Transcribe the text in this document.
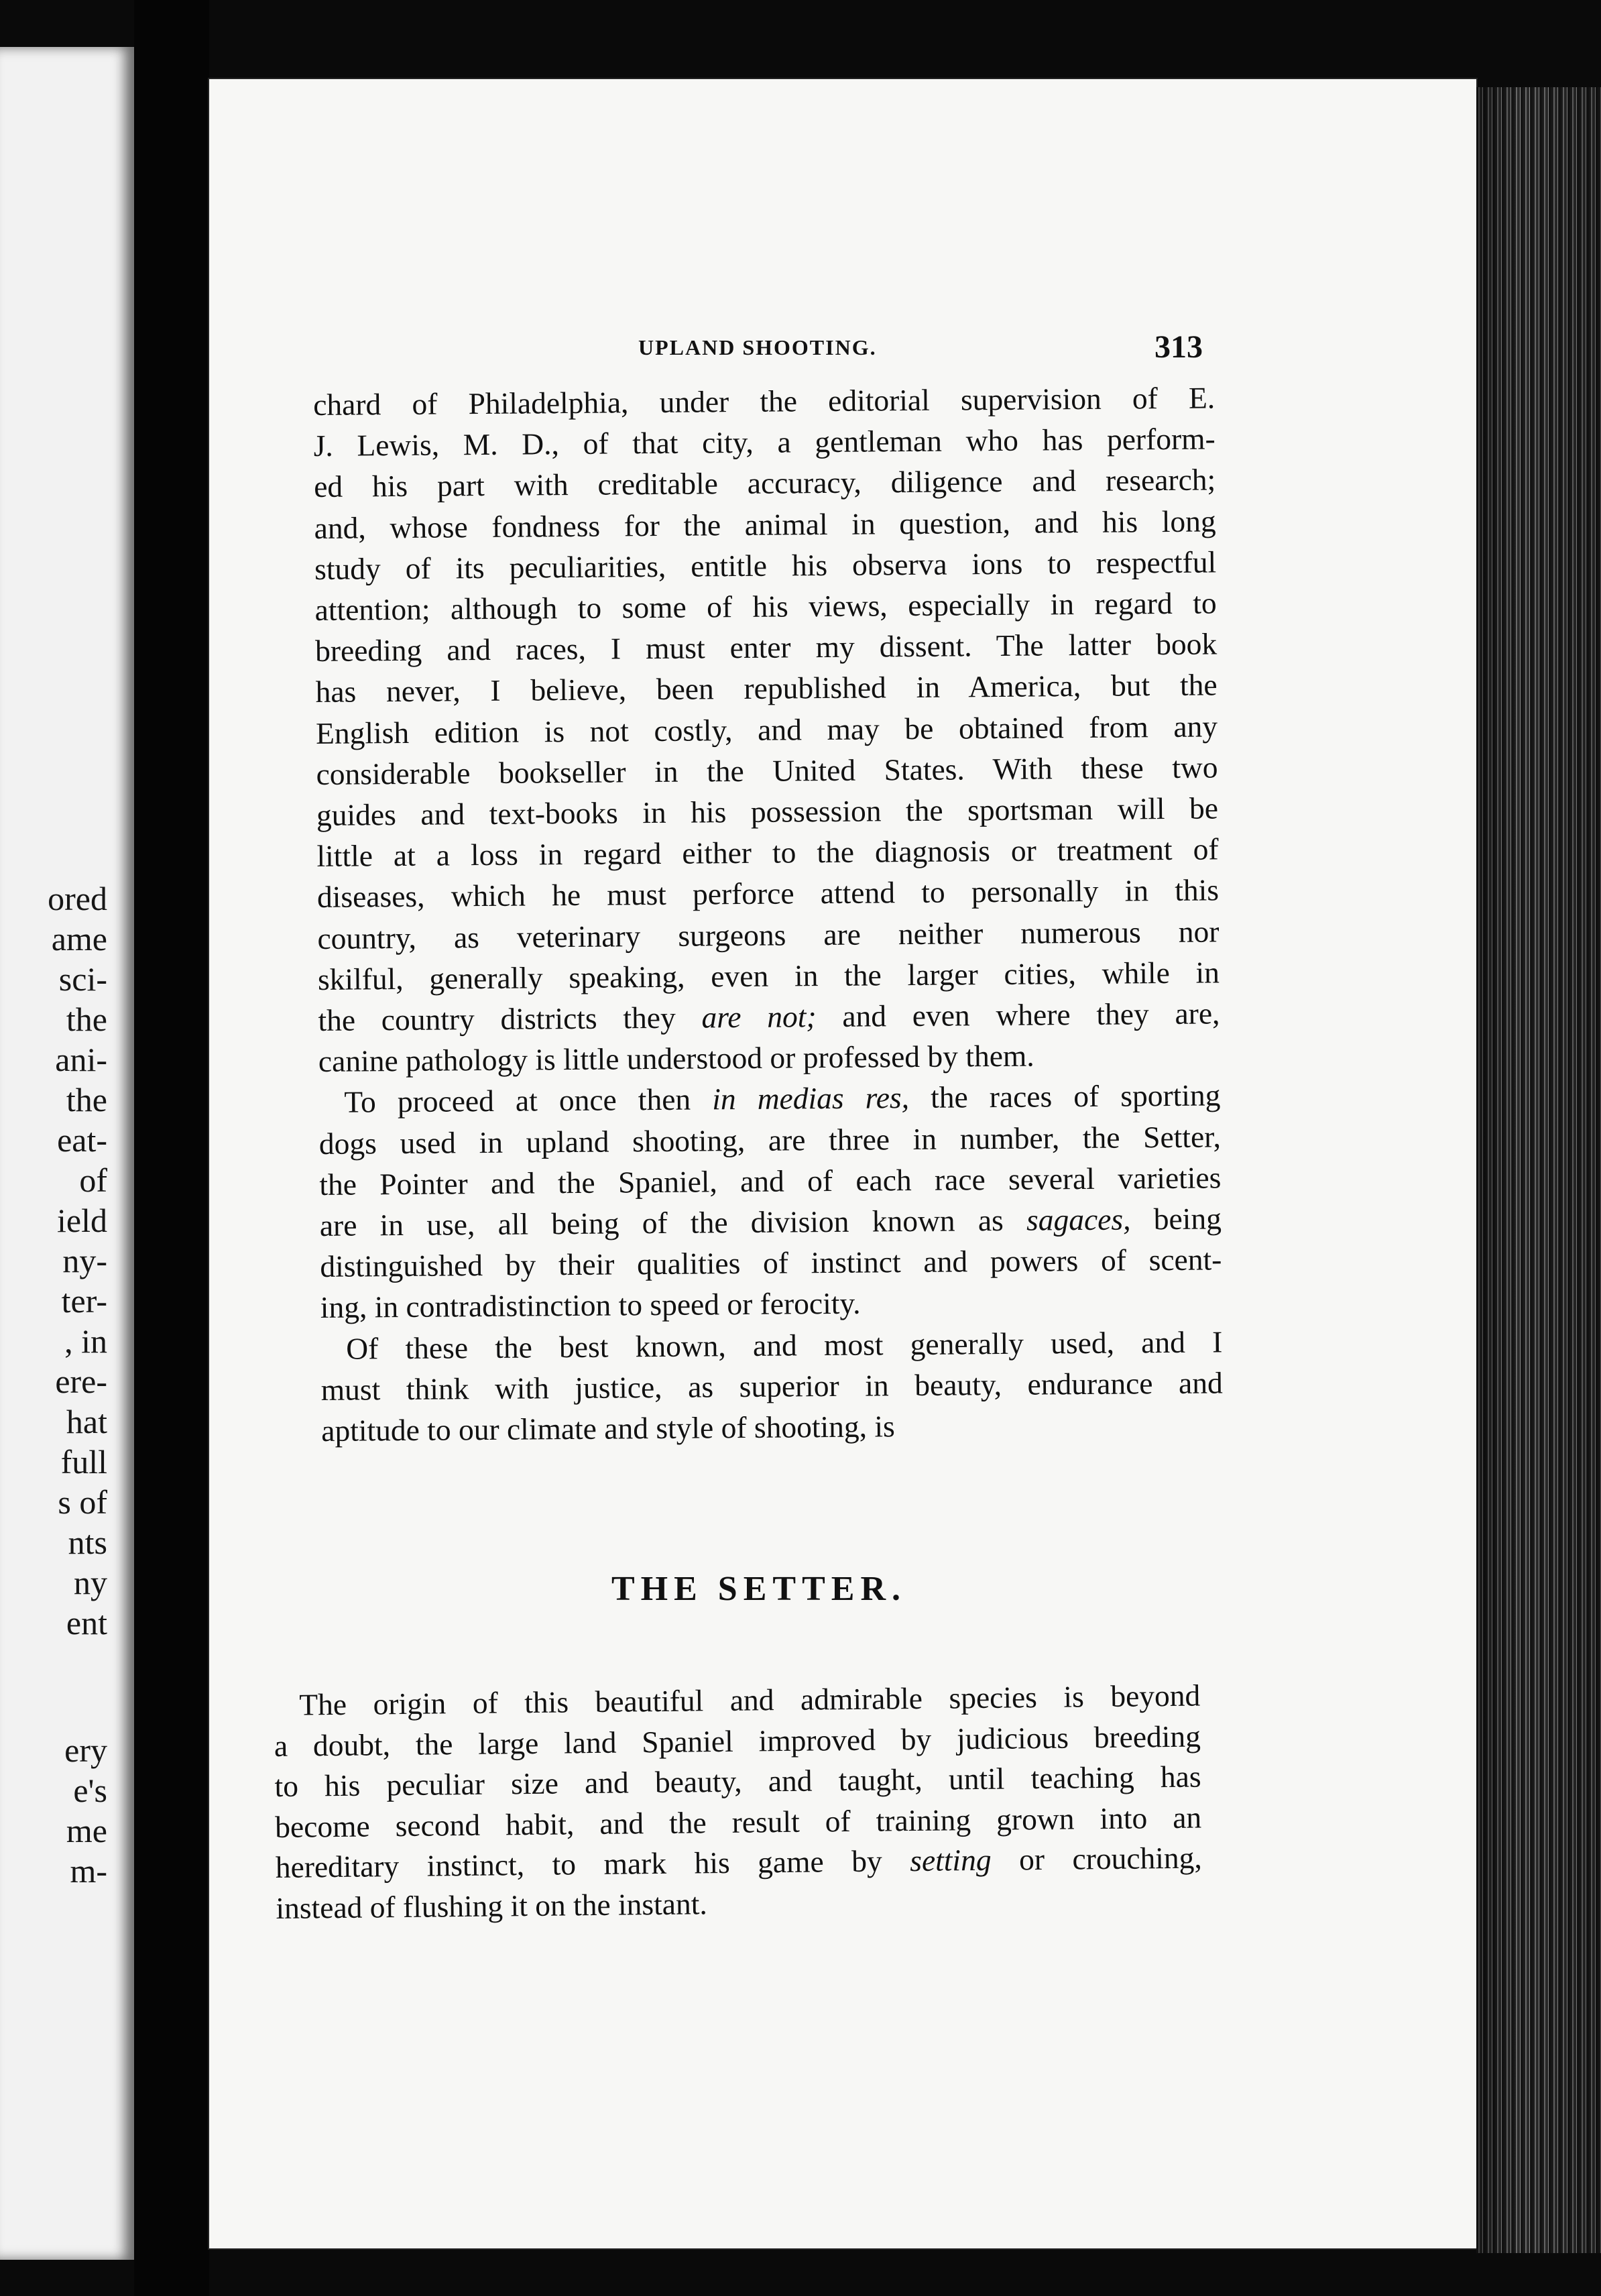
ored
ame
sci-
the
ani-
the
eat-
of
ield
ny-
ter-
, in
ere-
hat
full
s of
nts
ny
ent
ery
e's
me
m-
UPLAND SHOOTING.	313

chard of Philadelphia, under the editorial supervision of E.

J. Lewis, M. D., of that city, a gentleman who has perform-

ed his part with creditable accuracy, diligence and research;

and, whose fondness for the animal in question, and his long

study of its peculiarities, entitle his observa ions to respectful

attention; although to some of his views, especially in regard to

breeding and races, I must enter my dissent. The latter book

has never, I believe, been republished in America, but the

English edition is not costly, and may be obtained from any

considerable bookseller in the United States. With these two

guides and text-books in his possession the sportsman will be

little at a loss in regard either to the diagnosis or treatment of

diseases, which he must perforce attend to personally in this

country, as veterinary surgeons are neither numerous nor

skilful, generally speaking, even in the larger cities, while in

the country districts they are not; and even where they are,

canine pathology is little understood or professed by them.

To proceed at once then in medias res, the races of sporting

dogs used in upland shooting, are three in number, the Setter,

the Pointer and the Spaniel, and of each race several varieties

are in use, all being of the division known as sagaces, being

distinguished by their qualities of instinct and powers of scent-

ing, in contradistinction to speed or ferocity.

Of these the best known, and most generally used, and I

must think with justice, as superior in beauty, endurance and

aptitude to our climate and style of shooting, is

THE SETTER.

The origin of this beautiful and admirable species is beyond

a doubt, the large land Spaniel improved by judicious breeding

to his peculiar size and beauty, and taught, until teaching has

become second habit, and the result of training grown into an

hereditary instinct, to mark his game by setting or crouching,

instead of flushing it on the instant.
